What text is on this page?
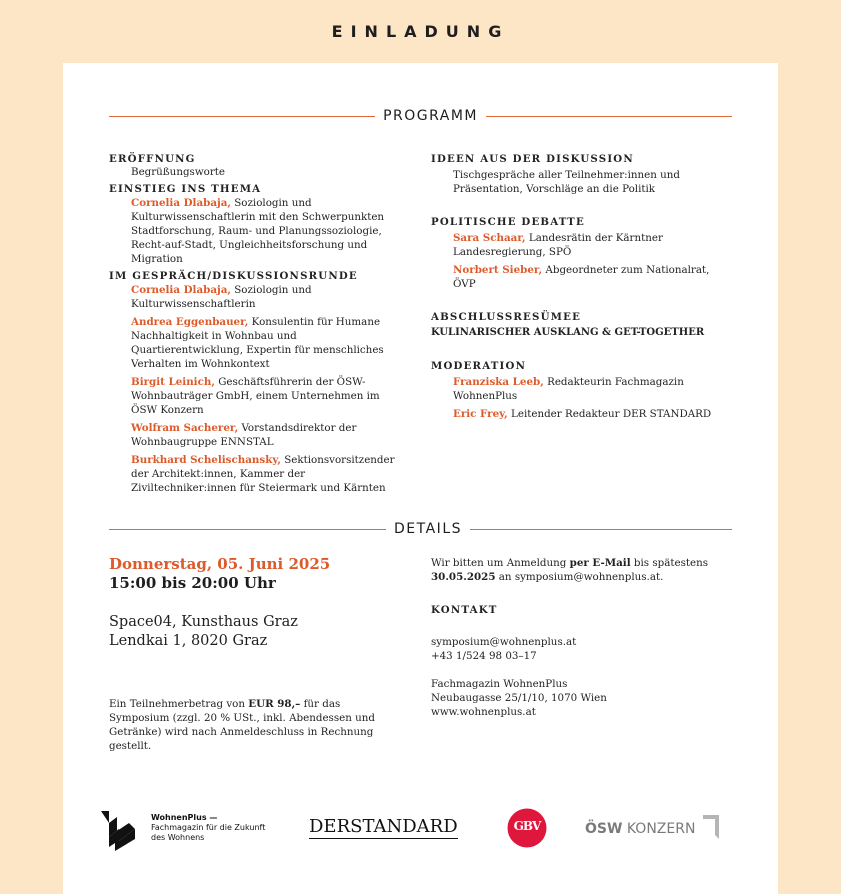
EINLADUNG
PROGRAMM

ERÖFFNUNG

Begrüßungsworte

EINSTIEG INS THEMA

Cornelia Dlabaja, Soziologin und Kulturwissenschaftlerin mit den Schwerpunkten Stadtforschung, Raum- und Planungssoziologie, Recht-auf-Stadt, Ungleichheitsforschung und Migration

IM GESPRÄCH/DISKUSSIONSRUNDE

Cornelia Dlabaja, Soziologin und Kulturwissenschaftlerin

Andrea Eggenbauer, Konsulentin für Humane Nachhaltigkeit in Wohnbau und Quartierentwicklung, Expertin für menschliches Verhalten im Wohnkontext

Birgit Leinich, Geschäftsführerin der ÖSW-Wohnbauträger GmbH, einem Unternehmen im ÖSW Konzern

Wolfram Sacherer, Vorstandsdirektor der Wohnbaugruppe ENNSTAL

Burkhard Schelischansky, Sektionsvorsitzender der Architekt:innen, Kammer der Ziviltechniker:innen für Steiermark und Kärnten

IDEEN AUS DER DISKUSSION

Tischgespräche aller Teilnehmer:innen und Präsentation, Vorschläge an die Politik

POLITISCHE DEBATTE

Sara Schaar, Landesrätin der Kärntner Landesregierung, SPÖ

Norbert Sieber, Abgeordneter zum Nationalrat, ÖVP

ABSCHLUSSRESÜMEE

KULINARISCHER AUSKLANG & GET-TOGETHER

MODERATION

Franziska Leeb, Redakteurin Fachmagazin WohnenPlus

Eric Frey, Leitender Redakteur DER STANDARD

DETAILS

Donnerstag, 05. Juni 2025

15:00 bis 20:00 Uhr

Space04, Kunsthaus Graz

Lendkai 1, 8020 Graz

Ein Teilnehmerbetrag von EUR 98,– für das Symposium (zzgl. 20 % USt., inkl. Abendessen und Getränke) wird nach Anmeldeschluss in Rechnung gestellt.

Wir bitten um Anmeldung per E-Mail bis spätestens 30.05.2025 an symposium@wohnenplus.at.

KONTAKT

symposium@wohnenplus.at

+43 1/524 98 03–17

Fachmagazin WohnenPlus

Neubaugasse 25/1/10, 1070 Wien

www.wohnenplus.at

WohnenPlus —
Fachmagazin für die Zukunft
des Wohnens
DERSTANDARD	GBV	ÖSW KONZERN
